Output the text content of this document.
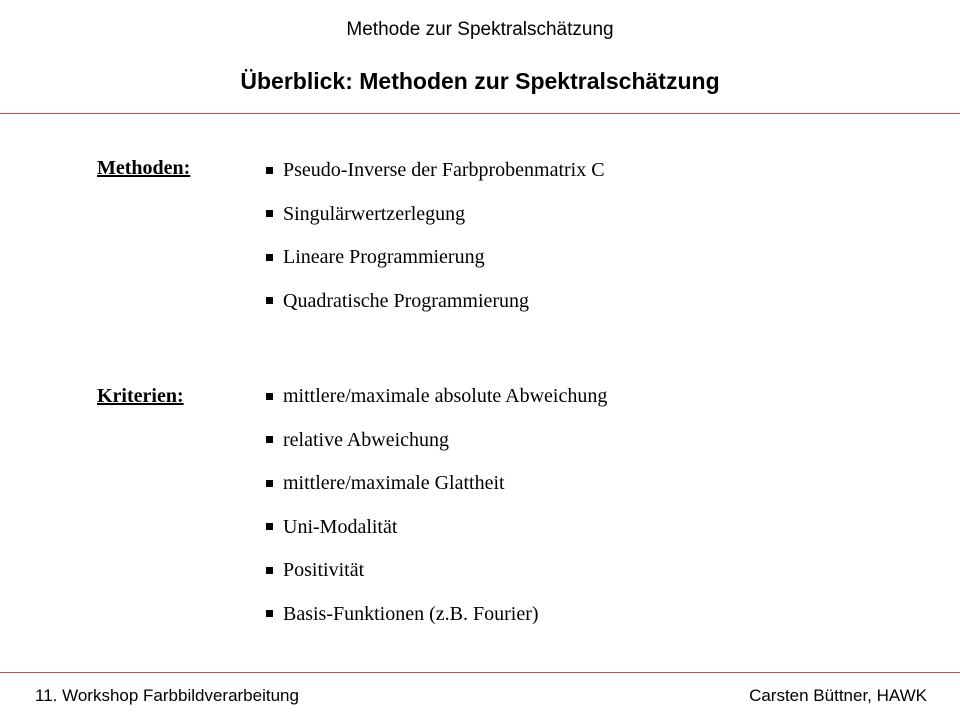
Methode zur Spektralschätzung
Überblick: Methoden zur Spektralschätzung
Methoden:	Pseudo-Inverse der Farbprobenmatrix C
Singulärwertzerlegung
Lineare Programmierung
Quadratische Programmierung
Kriterien:	mittlere/maximale absolute Abweichung
relative Abweichung
mittlere/maximale Glattheit
Uni-Modalität
Positivität
Basis-Funktionen (z.B. Fourier)
11. Workshop Farbbildverarbeitung	Carsten Büttner, HAWK
